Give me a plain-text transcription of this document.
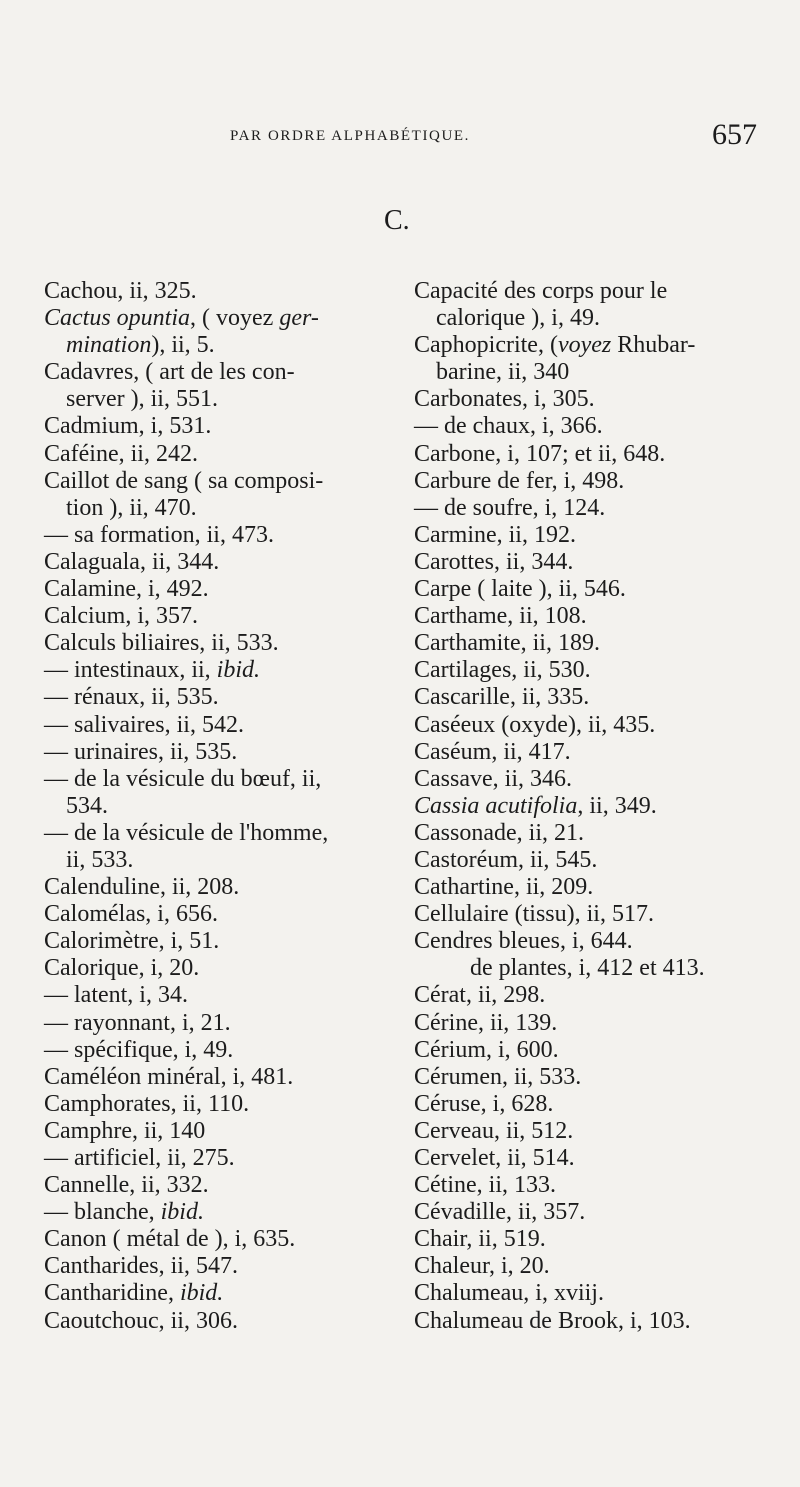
PAR ORDRE ALPHABÉTIQUE.	657
C.
Cachou, ii, 325.
Cactus opuntia, ( voyez ger-
mination), ii, 5.
Cadavres, ( art de les con-
server ), ii, 551.
Cadmium, i, 531.
Caféine, ii, 242.
Caillot de sang ( sa composi-
tion ), ii, 470.
— sa formation, ii, 473.
Calaguala, ii, 344.
Calamine, i, 492.
Calcium, i, 357.
Calculs biliaires, ii, 533.
— intestinaux, ii, ibid.
— rénaux, ii, 535.
— salivaires, ii, 542.
— urinaires, ii, 535.
— de la vésicule du bœuf, ii,
534.
— de la vésicule de l'homme,
ii, 533.
Calenduline, ii, 208.
Calomélas, i, 656.
Calorimètre, i, 51.
Calorique, i, 20.
— latent, i, 34.
— rayonnant, i, 21.
— spécifique, i, 49.
Caméléon minéral, i, 481.
Camphorates, ii, 110.
Camphre, ii, 140
— artificiel, ii, 275.
Cannelle, ii, 332.
— blanche, ibid.
Canon ( métal de ), i, 635.
Cantharides, ii, 547.
Cantharidine, ibid.
Caoutchouc, ii, 306.
Capacité des corps pour le
calorique ), i, 49.
Caphopicrite, (voyez Rhubar-
barine, ii, 340
Carbonates, i, 305.
— de chaux, i, 366.
Carbone, i, 107; et ii, 648.
Carbure de fer, i, 498.
— de soufre, i, 124.
Carmine, ii, 192.
Carottes, ii, 344.
Carpe ( laite ), ii, 546.
Carthame, ii, 108.
Carthamite, ii, 189.
Cartilages, ii, 530.
Cascarille, ii, 335.
Caséeux (oxyde), ii, 435.
Caséum, ii, 417.
Cassave, ii, 346.
Cassia acutifolia, ii, 349.
Cassonade, ii, 21.
Castoréum, ii, 545.
Cathartine, ii, 209.
Cellulaire (tissu), ii, 517.
Cendres bleues, i, 644.
de plantes, i, 412 et 413.
Cérat, ii, 298.
Cérine, ii, 139.
Cérium, i, 600.
Cérumen, ii, 533.
Céruse, i, 628.
Cerveau, ii, 512.
Cervelet, ii, 514.
Cétine, ii, 133.
Cévadille, ii, 357.
Chair, ii, 519.
Chaleur, i, 20.
Chalumeau, i, xviij.
Chalumeau de Brook, i, 103.
